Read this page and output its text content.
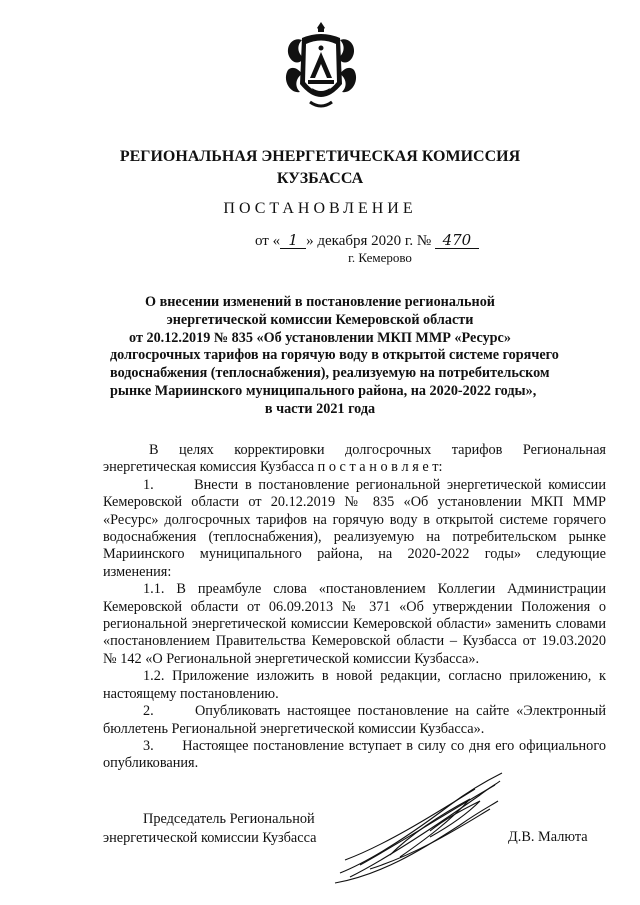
РЕГИОНАЛЬНАЯ ЭНЕРГЕТИЧЕСКАЯ КОМИССИЯ
КУЗБАССА
ПОСТАНОВЛЕНИЕ
от « 1 » декабря 2020 г. № 470
г. Кемерово
О внесении изменений в постановление региональной
энергетической комиссии Кемеровской области
от 20.12.2019 № 835 «Об установлении МКП ММР «Ресурс»
долгосрочных тарифов на горячую воду в открытой системе горячего
водоснабжения (теплоснабжения), реализуемую на потребительском
рынке Мариинского муниципального района, на 2020-2022 годы»,
в части 2021 года

В целях корректировки долгосрочных тарифов Региональная энергетическая комиссия Кузбасса п о с т а н о в л я е т:

1.      Внести в постановление региональной энергетической комиссии Кемеровской области от 20.12.2019 № 835 «Об установлении МКП ММР «Ресурс» долгосрочных тарифов на горячую воду в открытой системе горячего водоснабжения (теплоснабжения), реализуемую на потребительском рынке Мариинского муниципального района, на 2020-2022 годы» следующие изменения:

1.1. В преамбуле слова «постановлением Коллегии Администрации Кемеровской области от 06.09.2013 № 371 «Об утверждении Положения о региональной энергетической комиссии Кемеровской области» заменить словами «постановлением Правительства Кемеровской области – Кузбасса от 19.03.2020 № 142 «О Региональной энергетической комиссии Кузбасса».

1.2. Приложение изложить в новой редакции, согласно приложению, к настоящему постановлению.

2.      Опубликовать настоящее постановление на сайте «Электронный бюллетень Региональной энергетической комиссии Кузбасса».

3.      Настоящее постановление вступает в силу со дня его официального опубликования.

Председатель Региональной
энергетической комиссии Кузбасса	Д.В. Малюта
